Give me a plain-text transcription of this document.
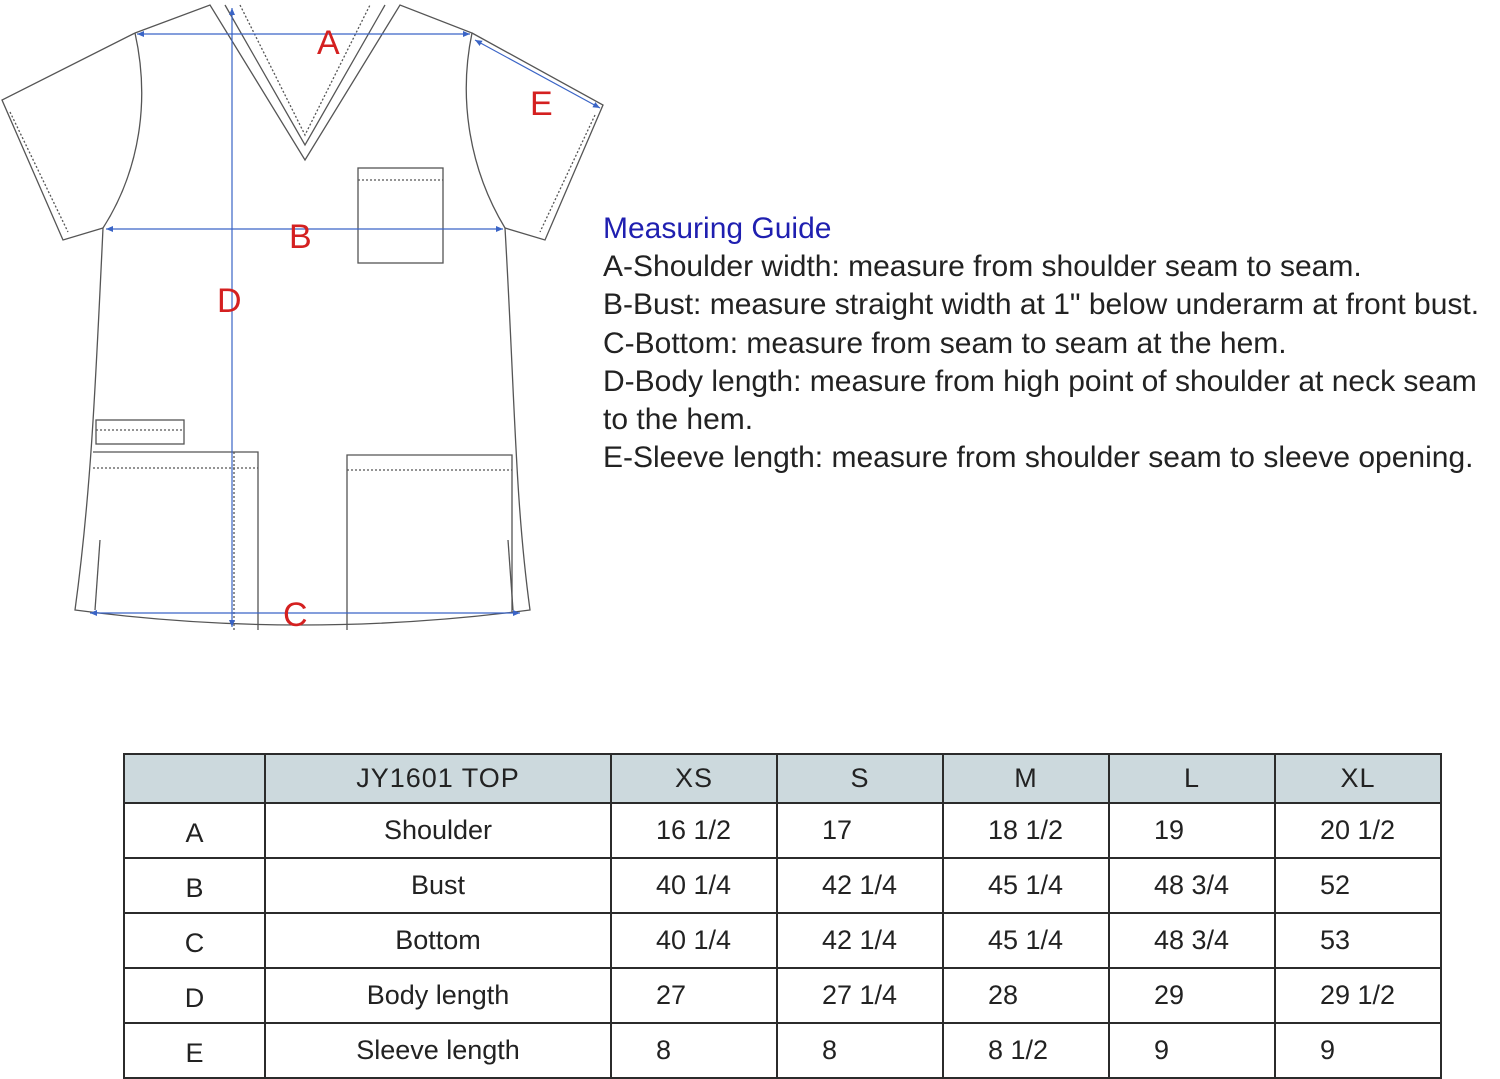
A
B
C
D
E
Measuring Guide
A-Shoulder width: measure from shoulder seam to seam.
B-Bust: measure straight width at 1" below underarm at front bust.
C-Bottom: measure from seam to seam at the hem.
D-Body length: measure from high point of shoulder at neck seam to the hem.
E-Sleeve length: measure from shoulder seam to sleeve opening.
	JY1601 TOP	XS	S	M	L	XL
A	Shoulder	16 1/2	17	18 1/2	19	20 1/2
B	Bust	40 1/4	42 1/4	45 1/4	48 3/4	52
C	Bottom	40 1/4	42 1/4	45 1/4	48 3/4	53
D	Body length	27	27 1/4	28	29	29 1/2
E	Sleeve length	8	8	8 1/2	9	9
